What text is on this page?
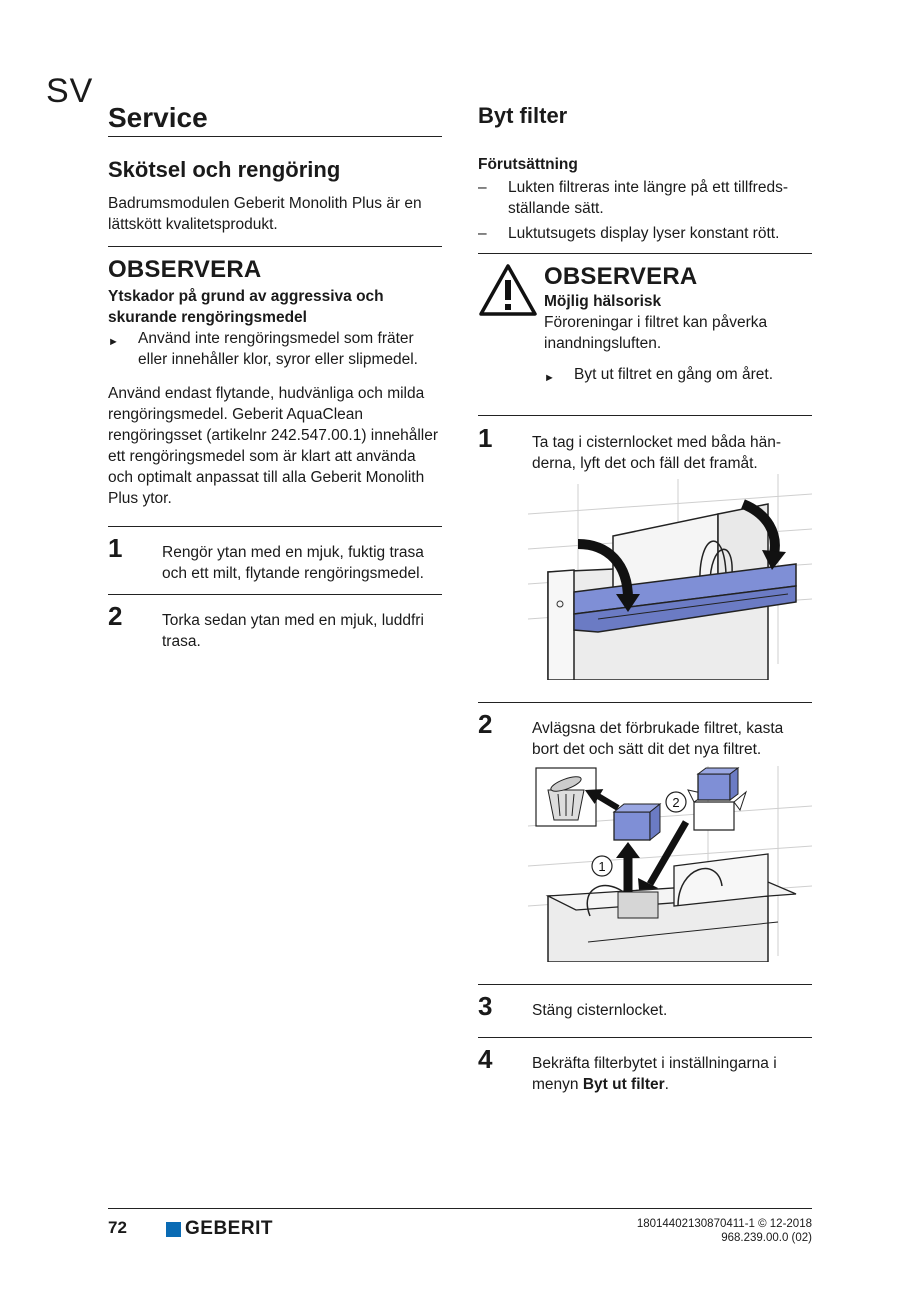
SV
Service
Skötsel och rengöring
Badrumsmodulen Geberit Monolith Plus är en lättskött kvalitetsprodukt.
OBSERVERA
Ytskador på grund av aggressiva och skurande rengöringsmedel
►	Använd inte rengöringsmedel som fräter eller innehåller klor, syror eller slipmedel.
Använd endast flytande, hudvänliga och milda rengöringsmedel. Geberit AquaClean rengöringsset (artikelnr 242.547.00.1) innehåller ett rengöringsmedel som är klart att använda och optimalt anpassat till alla Geberit Monolith Plus ytor.
1	Rengör ytan med en mjuk, fuktig trasa och ett milt, flytande rengöringsmedel.
2	Torka sedan ytan med en mjuk, luddfri trasa.
Byt filter
Förutsättning
–	Lukten filtreras inte längre på ett tillfredsställande sätt.
–	Luktutsugets display lyser konstant rött.
OBSERVERA
Möjlig hälsorisk
Föroreningar i filtret kan påverka inandningsluften.
►	Byt ut filtret en gång om året.
1	Ta tag i cisternlocket med båda händerna, lyft det och fäll det framåt.
2	Avlägsna det förbrukade filtret, kasta bort det och sätt dit det nya filtret.
2
1
3	Stäng cisternlocket.
4	Bekräfta filterbytet i inställningarna i menyn Byt ut filter.
72	GEBERIT	18014402130870411-1 © 12-2018
968.239.00.0 (02)
